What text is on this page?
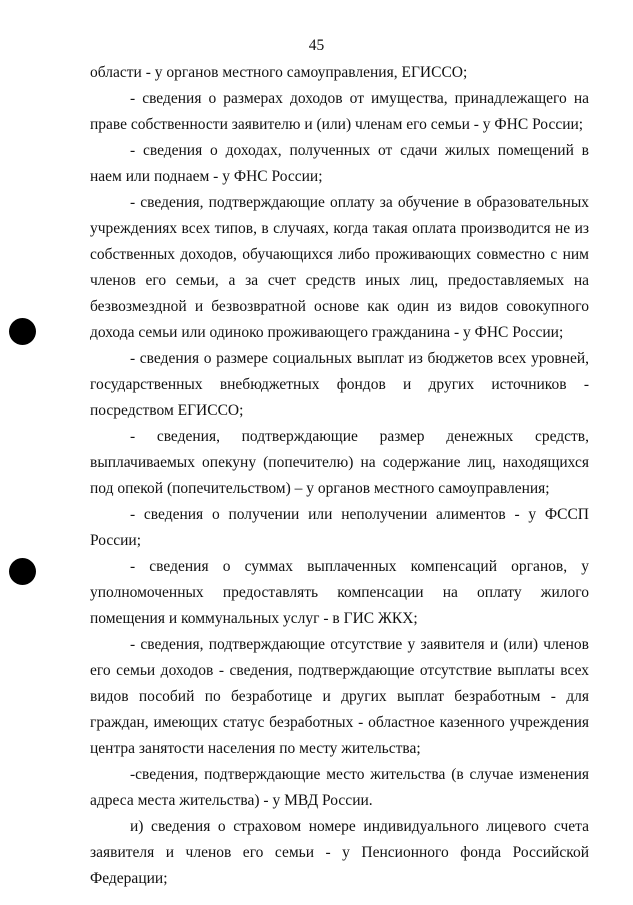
45

области - у органов местного самоуправления, ЕГИССО;

- сведения о размерах доходов от имущества, принадлежащего на праве собственности заявителю и (или) членам его семьи - у ФНС России;

- сведения о доходах, полученных от сдачи жилых помещений в наем или поднаем - у ФНС России;

- сведения, подтверждающие оплату за обучение в образовательных учреждениях всех типов, в случаях, когда такая оплата производится не из собственных доходов, обучающихся либо проживающих совместно с ним членов его семьи, а за счет средств иных лиц, предоставляемых на безвозмездной и безвозвратной основе как один из видов совокупного дохода семьи или одиноко проживающего гражданина - у ФНС России;

- сведения о размере социальных выплат из бюджетов всех уровней, государственных внебюджетных фондов и других источников - посредством ЕГИССО;

- сведения, подтверждающие размер денежных средств, выплачиваемых опекуну (попечителю) на содержание лиц, находящихся под опекой (попечительством) – у органов местного самоуправления;

- сведения о получении или неполучении алиментов - у ФССП России;

- сведения о суммах выплаченных компенсаций органов, у уполномоченных предоставлять компенсации на оплату жилого помещения и коммунальных услуг - в ГИС ЖКХ;

- сведения, подтверждающие отсутствие у заявителя и (или) членов его семьи доходов - сведения, подтверждающие отсутствие выплаты всех видов пособий по безработице и других выплат безработным - для граждан, имеющих статус безработных - областное казенного учреждения центра занятости населения по месту жительства;

-сведения, подтверждающие место жительства (в случае изменения адреса места жительства) - у МВД России.

и) сведения о страховом номере индивидуального лицевого счета заявителя и членов его семьи - у Пенсионного фонда Российской Федерации;
